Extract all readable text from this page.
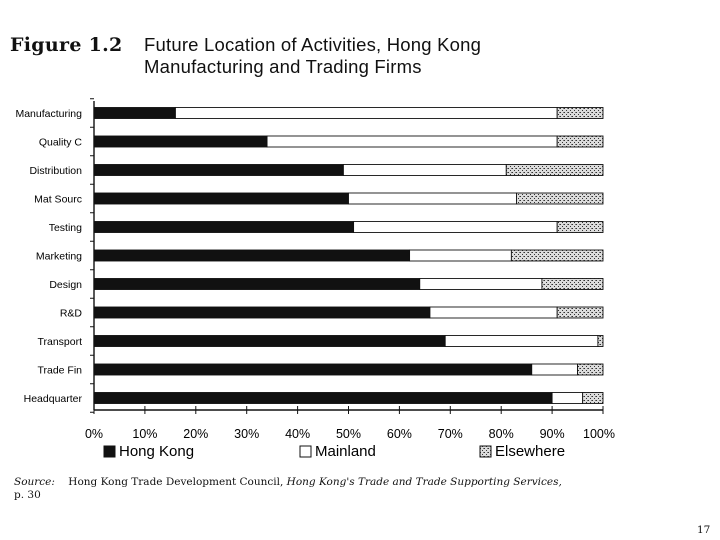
Figure 1.2 Future Location of Activities, Hong Kong
Manufacturing and Trading Firms
Manufacturing
Quality C
Distribution
Mat Sourc
Testing
Marketing
Design
R&D
Transport
Trade Fin
Headquarter
0% 10% 20% 30% 40% 50% 60% 70% 80% 90% 100%
Hong Kong	Mainland	Elsewhere
Source: Hong Kong Trade Development Council, Hong Kong's Trade and Trade Supporting Services,
p. 30
17
